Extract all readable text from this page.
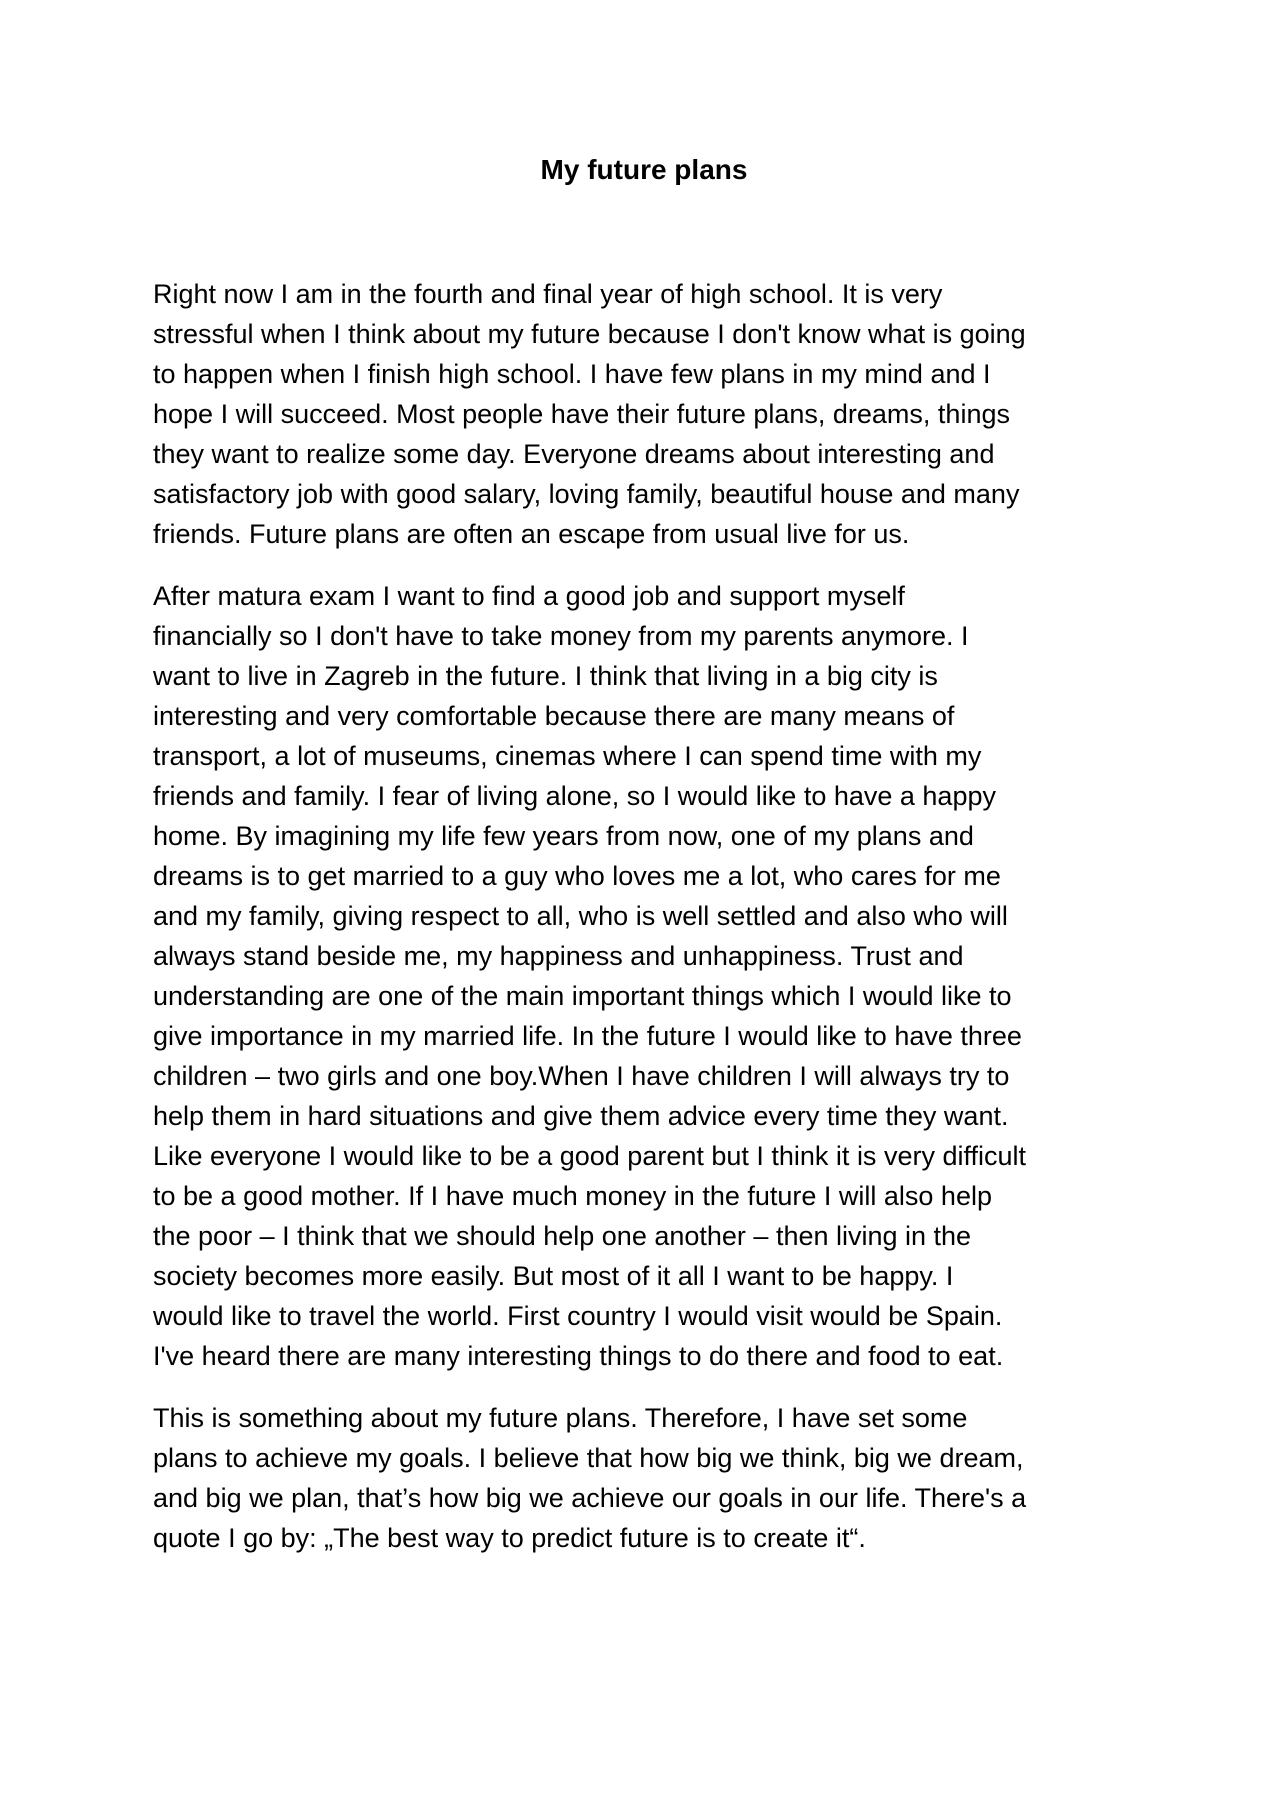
My future plans

Right now I am in the fourth and final year of high school. It is very
stressful when I think about my future because I don't know what is going
to happen when I finish high school. I have few plans in my mind and I
hope I will succeed. Most people have their future plans, dreams, things
they want to realize some day. Everyone dreams about interesting and
satisfactory job with good salary, loving family, beautiful house and many
friends. Future plans are often an escape from usual live for us.

After matura exam I want to find a good job and support myself
financially so I don't have to take money from my parents anymore. I
want to live in Zagreb in the future. I think that living in a big city is
interesting and very comfortable because there are many means of
transport, a lot of museums, cinemas where I can spend time with my
friends and family. I fear of living alone, so I would like to have a happy
home. By imagining my life few years from now, one of my plans and
dreams is to get married to a guy who loves me a lot, who cares for me
and my family, giving respect to all, who is well settled and also who will
always stand beside me, my happiness and unhappiness. Trust and
understanding are one of the main important things which I would like to
give importance in my married life. In the future I would like to have three
children – two girls and one boy.When I have children I will always try to
help them in hard situations and give them advice every time they want.
Like everyone I would like to be a good parent but I think it is very difficult
to be a good mother. If I have much money in the future I will also help
the poor – I think that we should help one another – then living in the
society becomes more easily. But most of it all I want to be happy. I
would like to travel the world. First country I would visit would be Spain.
I've heard there are many interesting things to do there and food to eat.

This is something about my future plans. Therefore, I have set some
plans to achieve my goals. I believe that how big we think, big we dream,
and big we plan, that’s how big we achieve our goals in our life. There's a
quote I go by: „The best way to predict future is to create it“.
